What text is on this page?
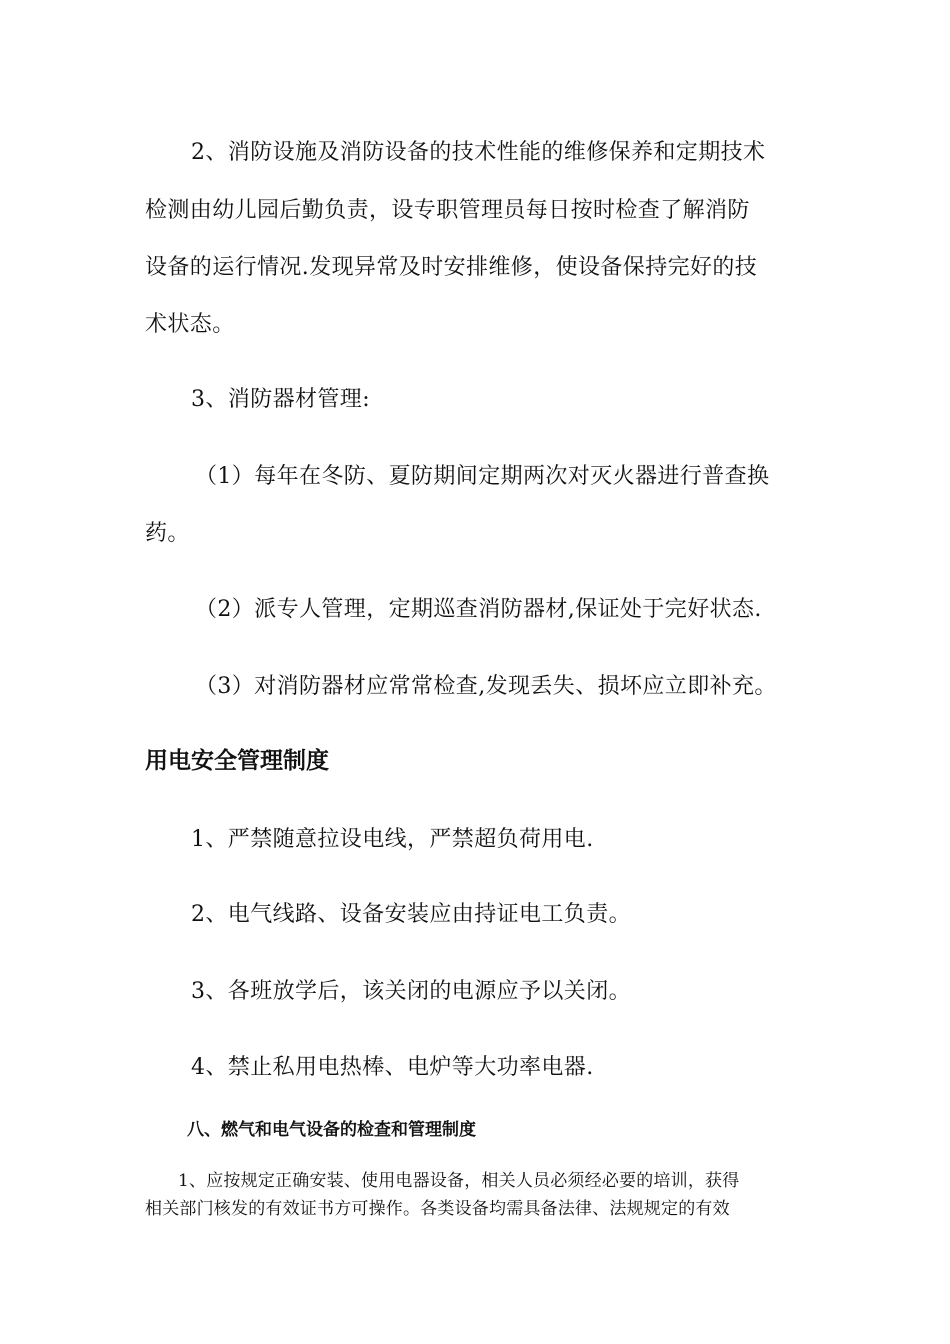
2、消防设施及消防设备的技术性能的维修保养和定期技术
检测由幼儿园后勤负责，设专职管理员每日按时检查了解消防
设备的运行情况.发现异常及时安排维修，使设备保持完好的技
术状态。
3、消防器材管理:
（1）每年在冬防、夏防期间定期两次对灭火器进行普查换
药。
（2）派专人管理，定期巡查消防器材,保证处于完好状态.
（3）对消防器材应常常检查,发现丢失、损坏应立即补充。
用电安全管理制度
1、严禁随意拉设电线，严禁超负荷用电.
2、电气线路、设备安装应由持证电工负责。
3、各班放学后，该关闭的电源应予以关闭。
4、禁止私用电热棒、电炉等大功率电器.
八、燃气和电气设备的检查和管理制度
1、应按规定正确安装、使用电器设备，相关人员必须经必要的培训，获得
相关部门核发的有效证书方可操作。各类设备均需具备法律、法规规定的有效
